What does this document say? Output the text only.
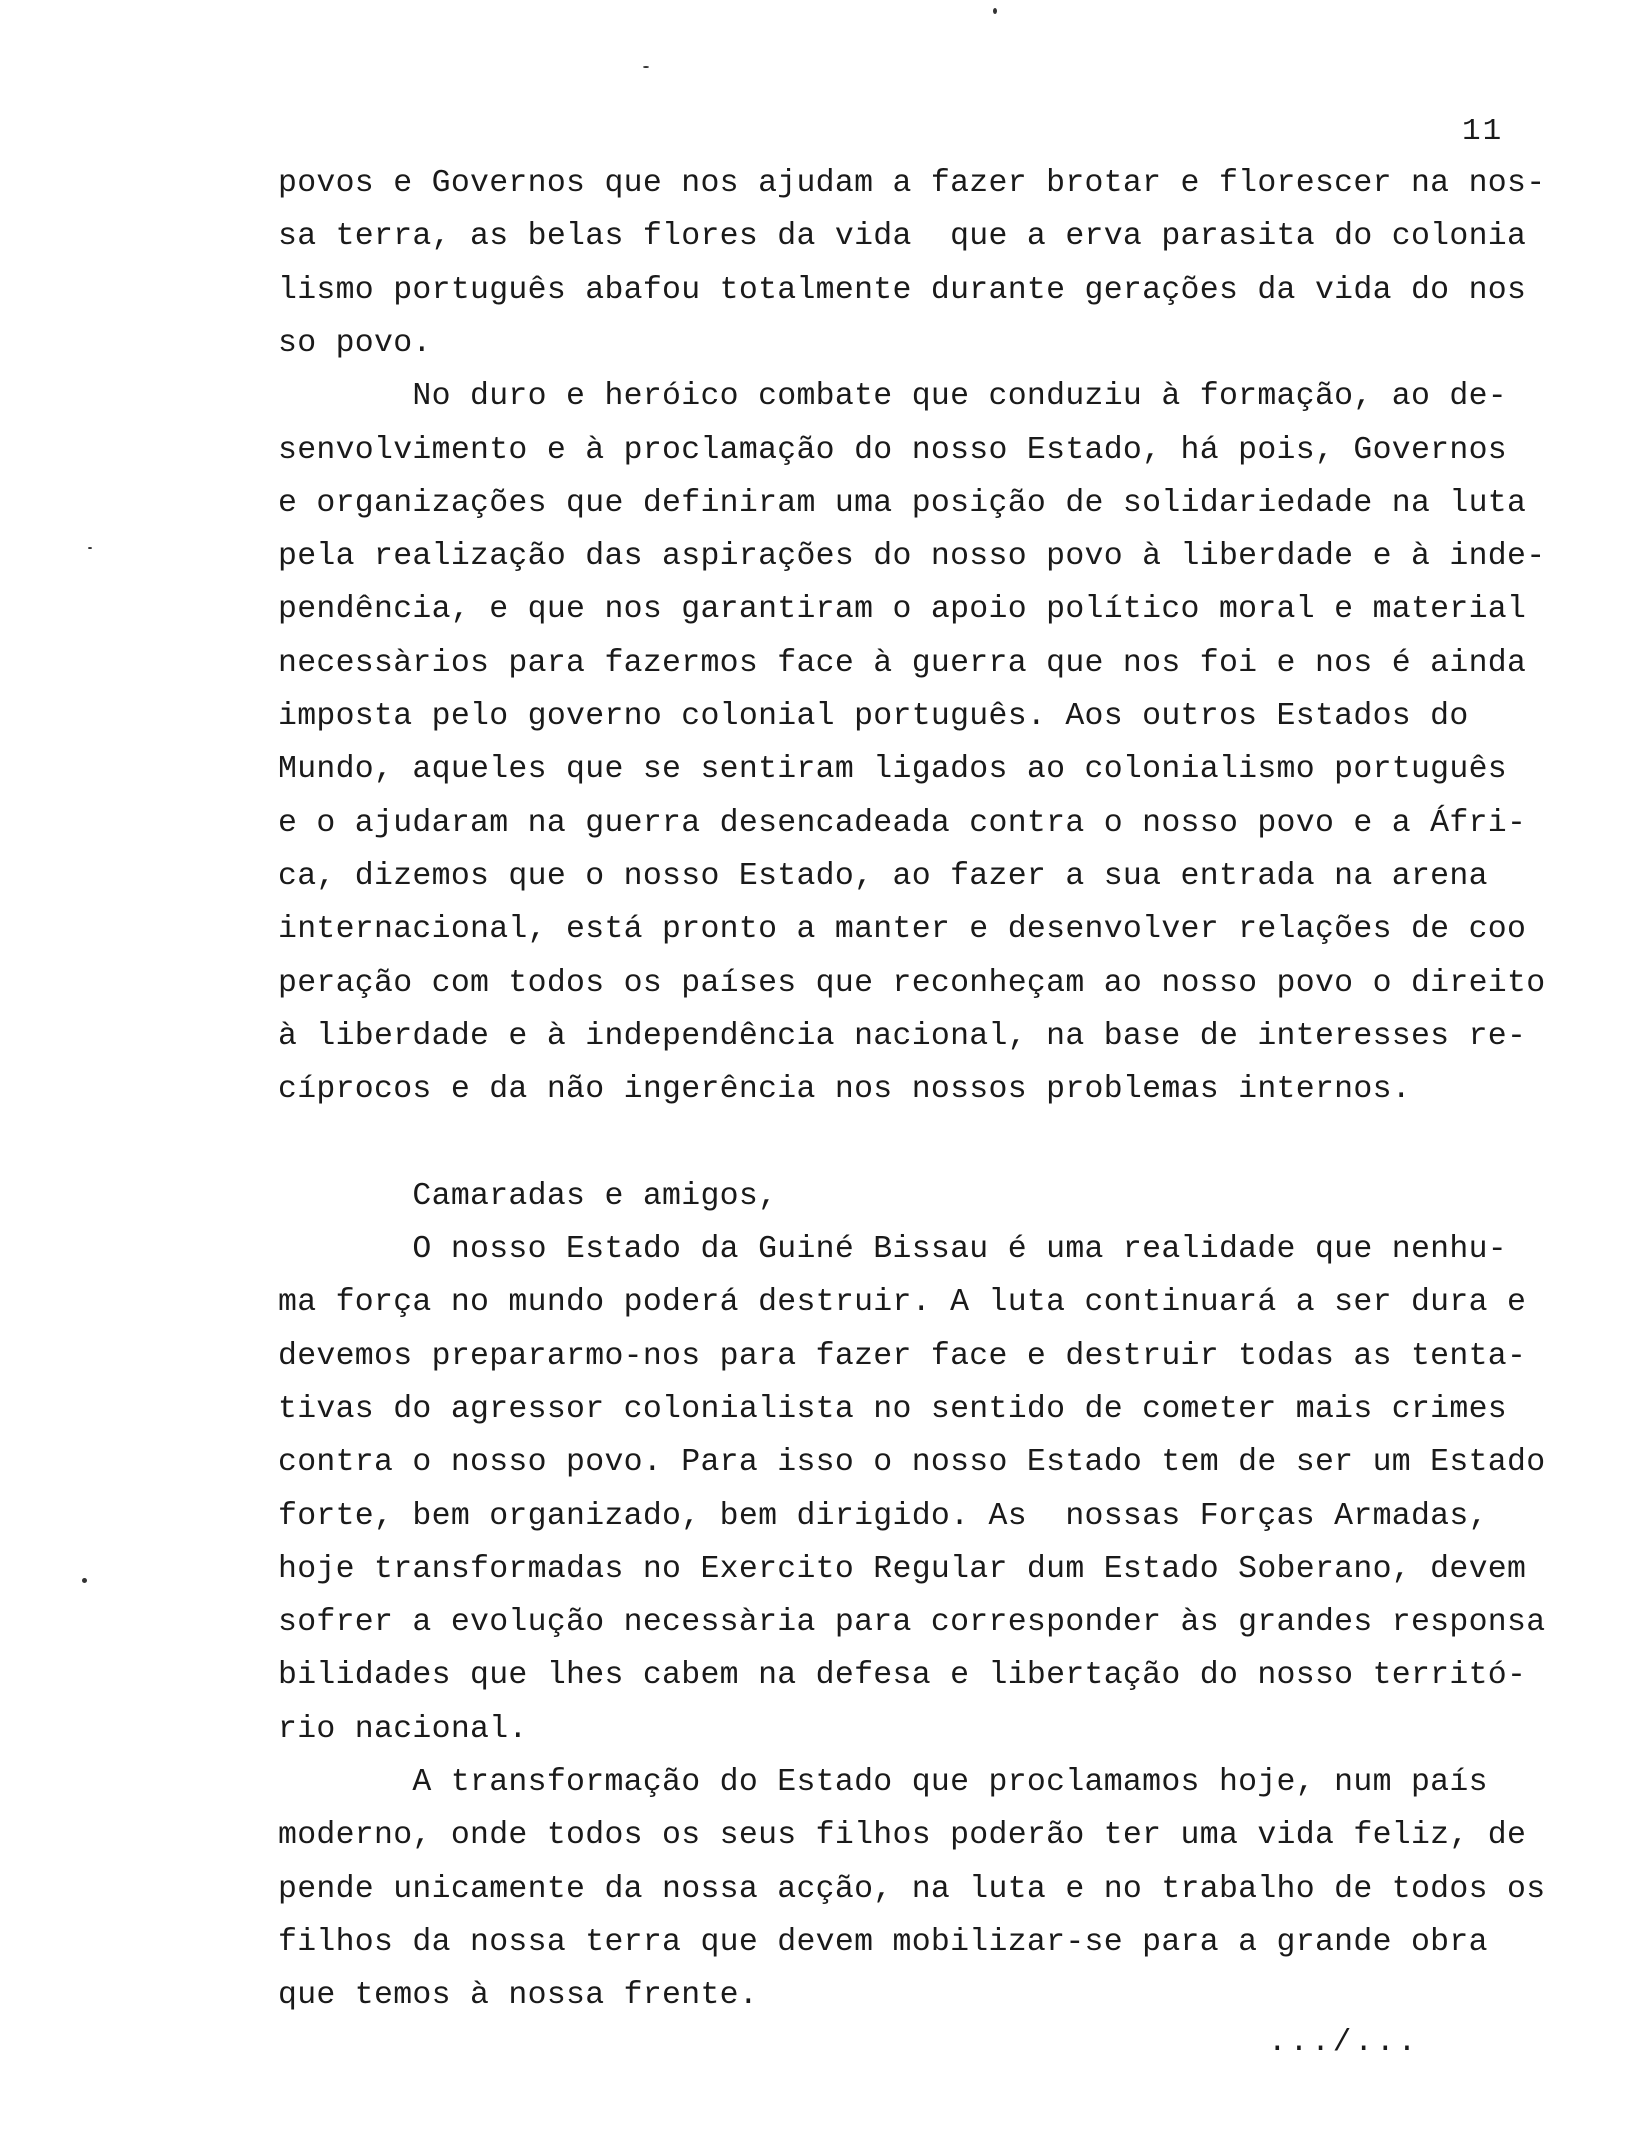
11
povos e Governos que nos ajudam a fazer brotar e florescer na nos-
sa terra, as belas flores da vida  que a erva parasita do colonia
lismo português abafou totalmente durante gerações da vida do nos
so povo.
No duro e heróico combate que conduziu à formação, ao de-
senvolvimento e à proclamação do nosso Estado, há pois, Governos
e organizações que definiram uma posição de solidariedade na luta
pela realização das aspirações do nosso povo à liberdade e à inde-
pendência, e que nos garantiram o apoio político moral e material
necessàrios para fazermos face à guerra que nos foi e nos é ainda
imposta pelo governo colonial português. Aos outros Estados do
Mundo, aqueles que se sentiram ligados ao colonialismo português
e o ajudaram na guerra desencadeada contra o nosso povo e a Áfri-
ca, dizemos que o nosso Estado, ao fazer a sua entrada na arena
internacional, está pronto a manter e desenvolver relações de coo
peração com todos os países que reconheçam ao nosso povo o direito
à liberdade e à independência nacional, na base de interesses re-
cíprocos e da não ingerência nos nossos problemas internos.
Camaradas e amigos,
O nosso Estado da Guiné Bissau é uma realidade que nenhu-
ma força no mundo poderá destruir. A luta continuará a ser dura e
devemos prepararmo-nos para fazer face e destruir todas as tenta-
tivas do agressor colonialista no sentido de cometer mais crimes
contra o nosso povo. Para isso o nosso Estado tem de ser um Estado
forte, bem organizado, bem dirigido. As  nossas Forças Armadas,
hoje transformadas no Exercito Regular dum Estado Soberano, devem
sofrer a evolução necessària para corresponder às grandes responsa
bilidades que lhes cabem na defesa e libertação do nosso territó-
rio nacional.
A transformação do Estado que proclamamos hoje, num país
moderno, onde todos os seus filhos poderão ter uma vida feliz, de
pende unicamente da nossa acção, na luta e no trabalho de todos os
filhos da nossa terra que devem mobilizar-se para a grande obra
que temos à nossa frente.
.../...
